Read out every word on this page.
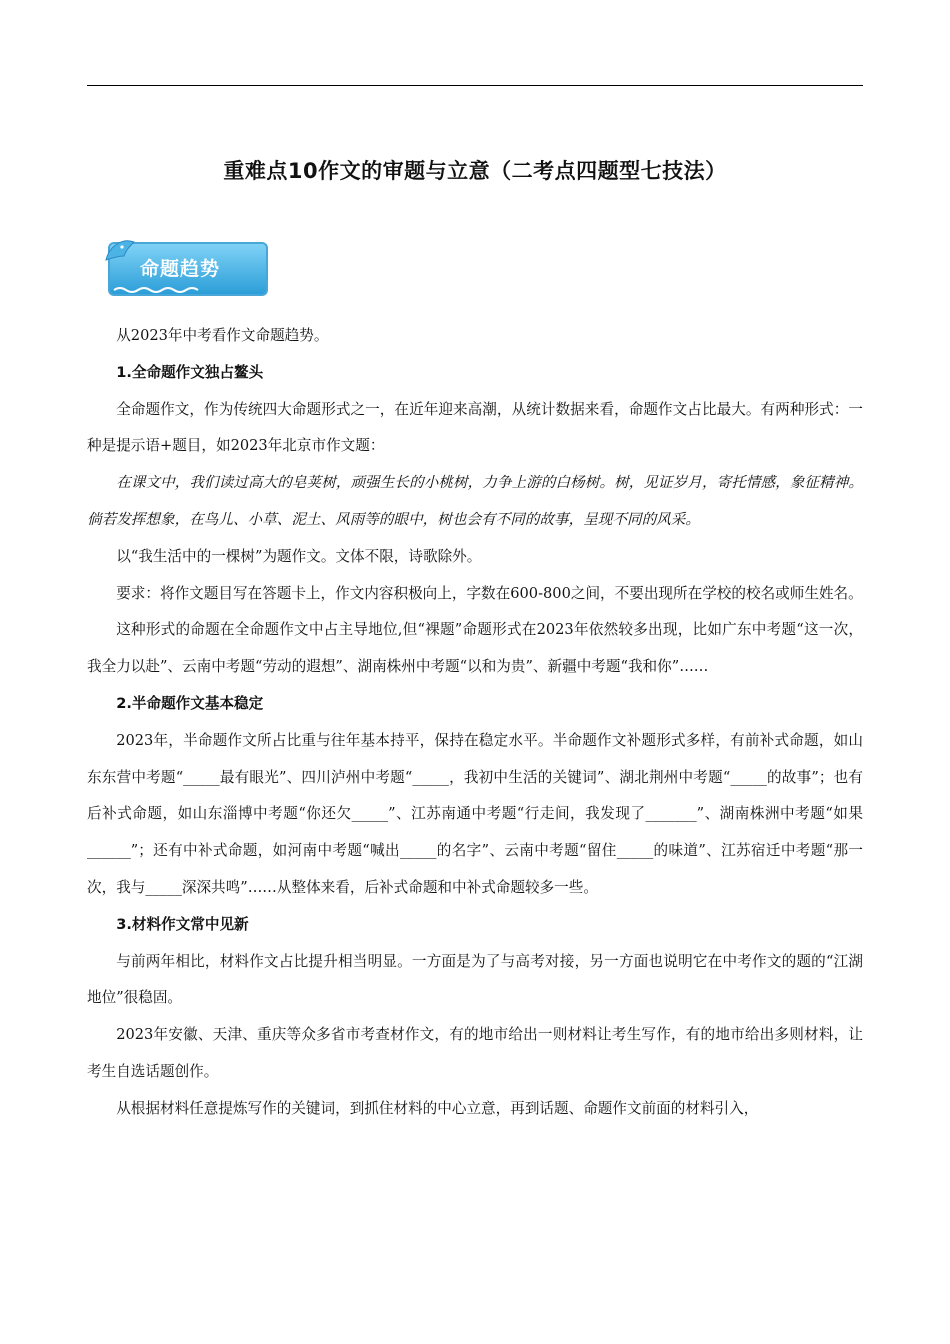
重难点10作文的审题与立意（二考点四题型七技法）
命题趋势

从2023年中考看作文命题趋势。

1.全命题作文独占鳌头

全命题作文，作为传统四大命题形式之一，在近年迎来高潮，从统计数据来看，命题作文占比最大。有两种形式：一种是提示语+题目，如2023年北京市作文题：

在课文中，我们读过高大的皂荚树，顽强生长的小桃树，力争上游的白杨树。树，见证岁月，寄托情感，象征精神。倘若发挥想象，在鸟儿、小草、泥土、风雨等的眼中，树也会有不同的故事，呈现不同的风采。

以“我生活中的一棵树”为题作文。文体不限，诗歌除外。

要求：将作文题目写在答题卡上，作文内容积极向上，字数在600-800之间，不要出现所在学校的校名或师生姓名。

这种形式的命题在全命题作文中占主导地位,但“裸题”命题形式在2023年依然较多出现，比如广东中考题“这一次，我全力以赴”、云南中考题“劳动的遐想”、湖南株州中考题“以和为贵”、新疆中考题“我和你”……

2.半命题作文基本稳定

2023年，半命题作文所占比重与往年基本持平，保持在稳定水平。半命题作文补题形式多样，有前补式命题，如山东东营中考题“_____最有眼光”、四川泸州中考题“_____，我初中生活的关键词”、湖北荆州中考题“_____的故事”；也有后补式命题，如山东淄博中考题“你还欠_____”、江苏南通中考题“行走间，我发现了_______”、湖南株洲中考题“如果______”；还有中补式命题，如河南中考题“喊出_____的名字”、云南中考题“留住_____的味道”、江苏宿迁中考题“那一次，我与_____深深共鸣”……从整体来看，后补式命题和中补式命题较多一些。

3.材料作文常中见新

与前两年相比，材料作文占比提升相当明显。一方面是为了与高考对接，另一方面也说明它在中考作文的题的“江湖地位”很稳固。

2023年安徽、天津、重庆等众多省市考查材作文，有的地市给出一则材料让考生写作，有的地市给出多则材料，让考生自选话题创作。

从根据材料任意提炼写作的关键词，到抓住材料的中心立意，再到话题、命题作文前面的材料引入，
